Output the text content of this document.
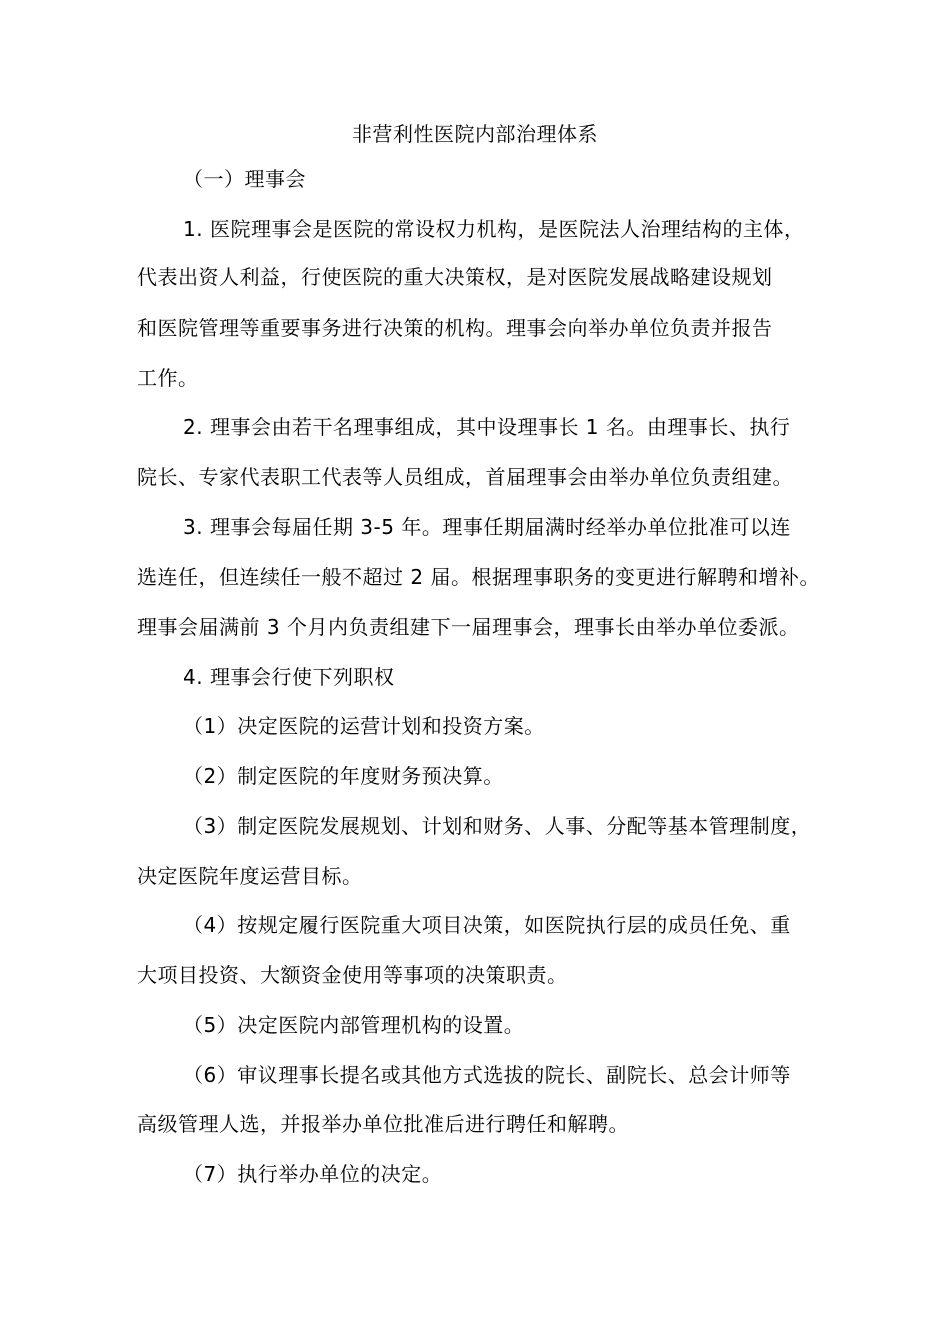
非营利性医院内部治理体系
（一）理事会
1. 医院理事会是医院的常设权力机构，是医院法人治理结构的主体，
代表出资人利益，行使医院的重大决策权，是对医院发展战略建设规划
和医院管理等重要事务进行决策的机构。理事会向举办单位负责并报告
工作。
2. 理事会由若干名理事组成，其中设理事长 1 名。由理事长、执行
院长、专家代表职工代表等人员组成，首届理事会由举办单位负责组建。
3. 理事会每届任期 3-5 年。理事任期届满时经举办单位批准可以连
选连任，但连续任一般不超过 2 届。根据理事职务的变更进行解聘和增补。
理事会届满前 3 个月内负责组建下一届理事会，理事长由举办单位委派。
4. 理事会行使下列职权
（1）决定医院的运营计划和投资方案。
（2）制定医院的年度财务预决算。
（3）制定医院发展规划、计划和财务、人事、分配等基本管理制度，
决定医院年度运营目标。
（4）按规定履行医院重大项目决策，如医院执行层的成员任免、重
大项目投资、大额资金使用等事项的决策职责。
（5）决定医院内部管理机构的设置。
（6）审议理事长提名或其他方式选拔的院长、副院长、总会计师等
高级管理人选，并报举办单位批准后进行聘任和解聘。
（7）执行举办单位的决定。
